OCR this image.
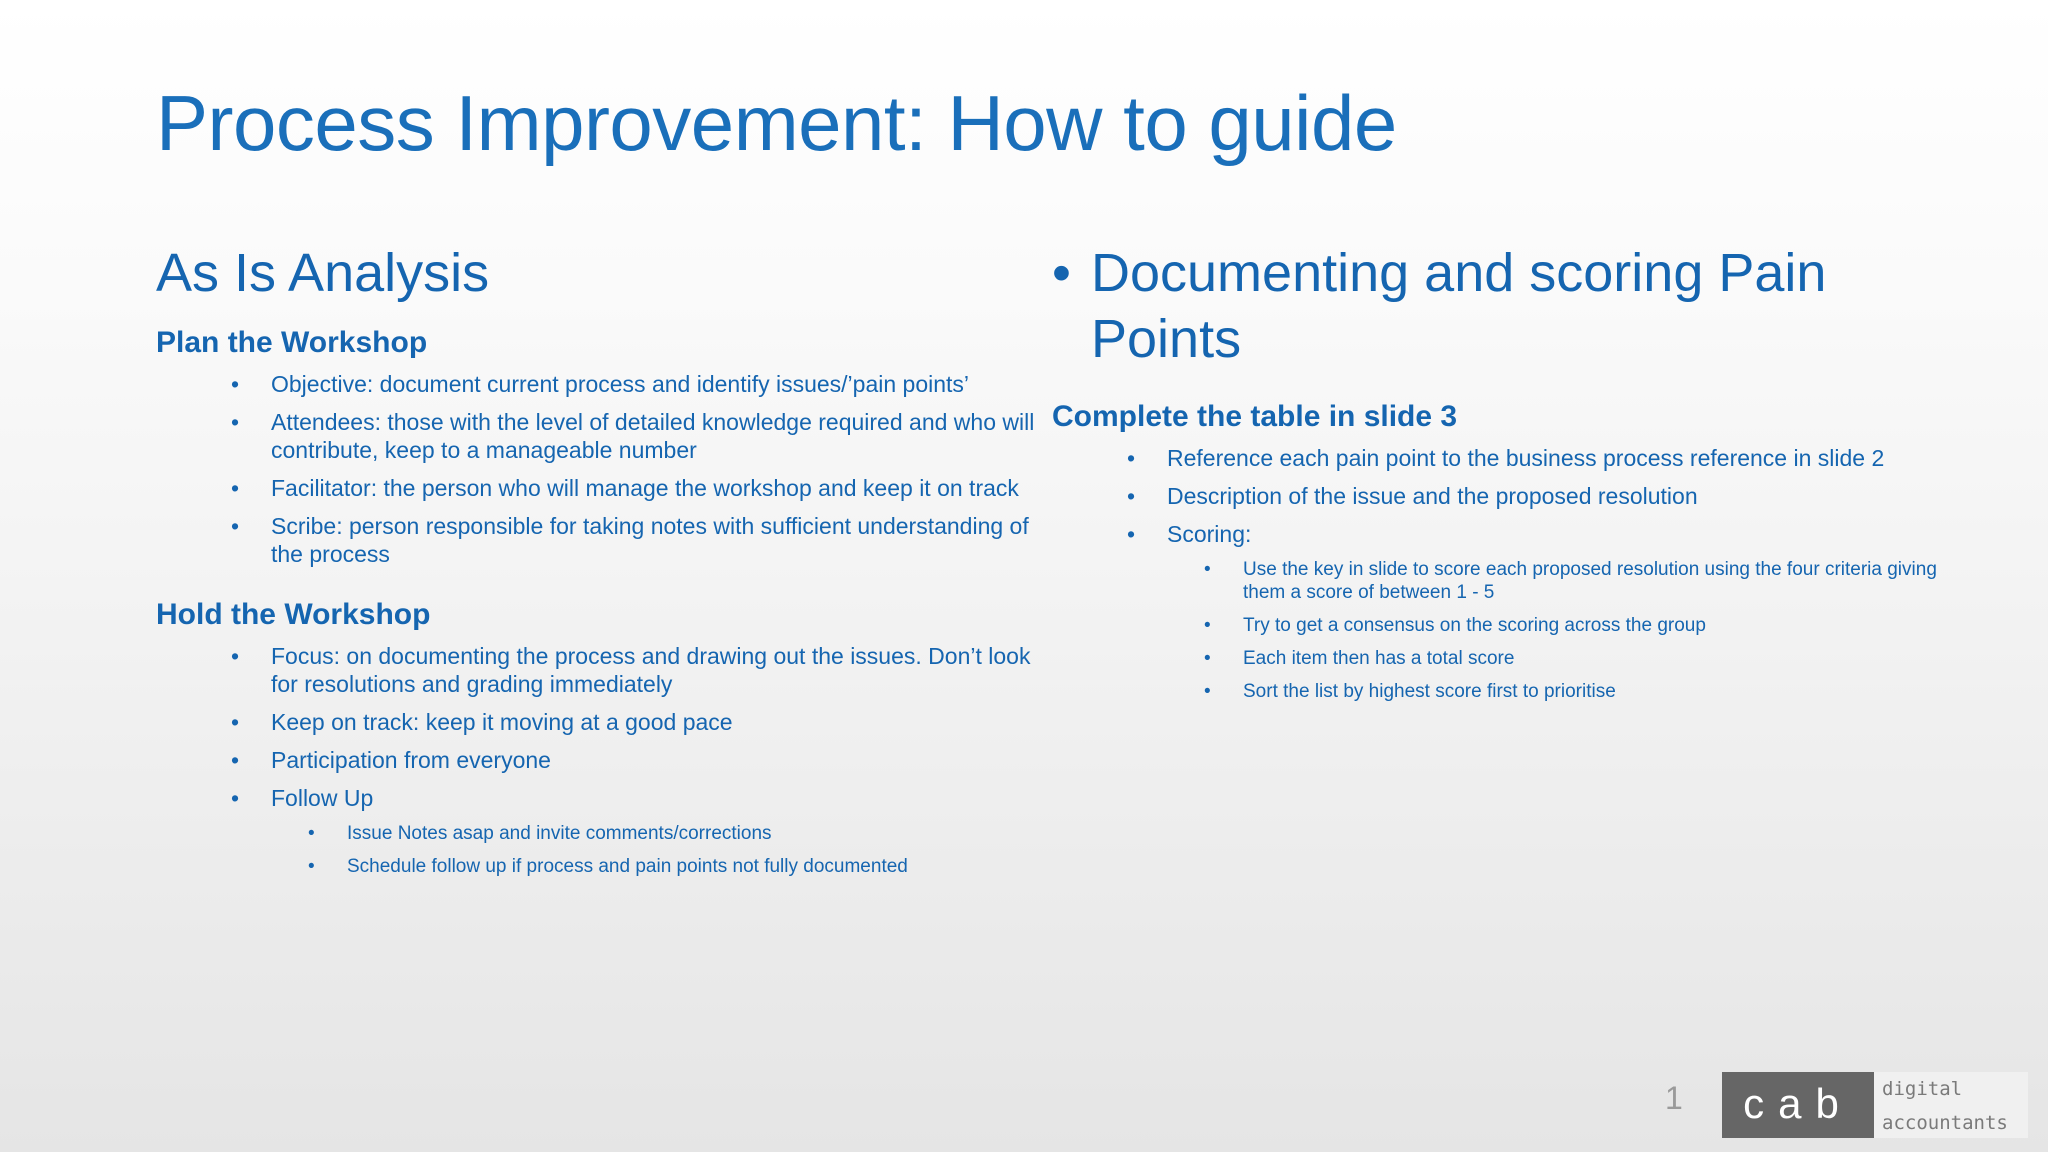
Process Improvement: How to guide
As Is Analysis
Plan the Workshop
• Objective: document current process and identify issues/’pain points’
• Attendees: those with the level of detailed knowledge required and who will contribute, keep to a manageable number
• Facilitator: the person who will manage the workshop and keep it on track
• Scribe: person responsible for taking notes with sufficient understanding of the process
Hold the Workshop
• Focus: on documenting the process and drawing out the issues. Don’t look for resolutions and grading immediately
• Keep on track: keep it moving at a good pace
• Participation from everyone
• Follow Up
• Issue Notes asap and invite comments/corrections
• Schedule follow up if process and pain points not fully documented
• Documenting and scoring Pain Points
Complete the table in slide 3
• Reference each pain point to the business process reference in slide 2
• Description of the issue and the proposed resolution
• Scoring:
• Use the key in slide to score each proposed resolution using the four criteria giving them a score of between 1 - 5
• Try to get a consensus on the scoring across the group
• Each item then has a total score
• Sort the list by highest score first to prioritise
1	cab	digital
accountants
